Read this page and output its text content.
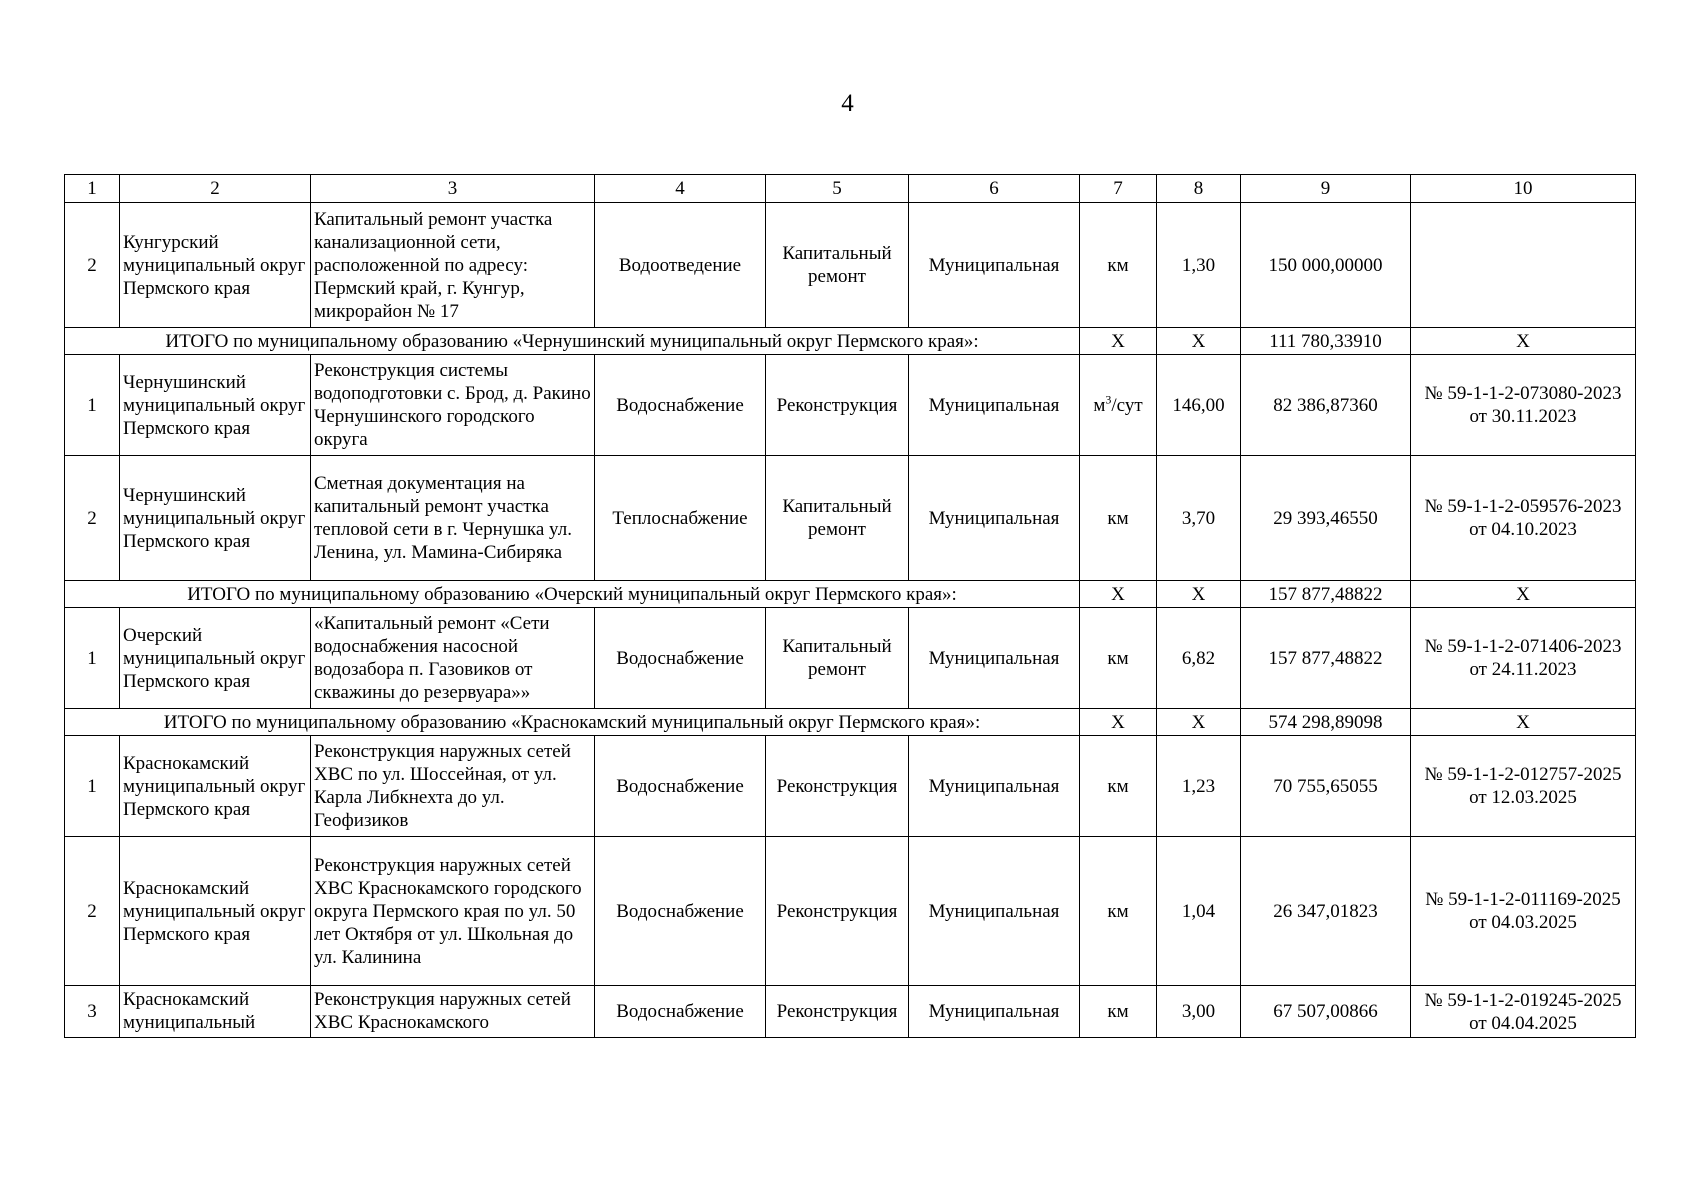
4
1	2	3	4	5	6	7	8	9	10
2	Кунгурский муниципальный округ Пермского края	Капитальный ремонт участка канализационной сети, расположенной по адресу: Пермский край, г. Кунгур, микрорайон № 17	Водоотведение	Капитальный ремонт	Муниципальная	км	1,30	150 000,00000	
ИТОГО по муниципальному образованию «Чернушинский муниципальный округ Пермского края»:						X	X	111 780,33910	X
1	Чернушинский муниципальный округ Пермского края	Реконструкция системы водоподготовки с. Брод, д. Ракино Чернушинского городского округа	Водоснабжение	Реконструкция	Муниципальная	$м^3$/сут	146,00	82 386,87360	№ 59-1-1-2-073080-2023
от 30.11.2023

2	Чернушинский муниципальный округ Пермского края	Сметная документация на капитальный ремонт участка тепловой сети в г. Чернушка ул. Ленина, ул. Мамина-Сибиряка	Теплоснабжение	Капитальный ремонт	Муниципальная	км	3,70	29 393,46550	№ 59-1-1-2-059576-2023
от 04.10.2023

ИТОГО по муниципальному образованию «Очерский муниципальный округ Пермского края»:						X	X	157 877,48822	X
1	Очерский муниципальный округ Пермского края	«Капитальный ремонт «Сети водоснабжения насосной водозабора п. Газовиков от скважины до резервуара»»	Водоснабжение	Капитальный ремонт	Муниципальная	км	6,82	157 877,48822	№ 59-1-1-2-071406-2023
от 24.11.2023

ИТОГО по муниципальному образованию «Краснокамский муниципальный округ Пермского края»:						X	X	574 298,89098	X
1	Краснокамский муниципальный округ Пермского края	Реконструкция наружных сетей ХВС по ул. Шоссейная, от ул. Карла Либкнехта до ул. Геофизиков	Водоснабжение	Реконструкция	Муниципальная	км	1,23	70 755,65055	№ 59-1-1-2-012757-2025
от 12.03.2025

2	Краснокамский муниципальный округ Пермского края	Реконструкция наружных сетей ХВС Краснокамского городского округа Пермского края по ул. 50 лет Октября от ул. Школьная до ул. Калинина	Водоснабжение	Реконструкция	Муниципальная	км	1,04	26 347,01823	№ 59-1-1-2-011169-2025
от 04.03.2025

3	Краснокамский муниципальный	Реконструкция наружных сетей ХВС Краснокамского	Водоснабжение	Реконструкция	Муниципальная	км	3,00	67 507,00866	№ 59-1-1-2-019245-2025
от 04.04.2025
